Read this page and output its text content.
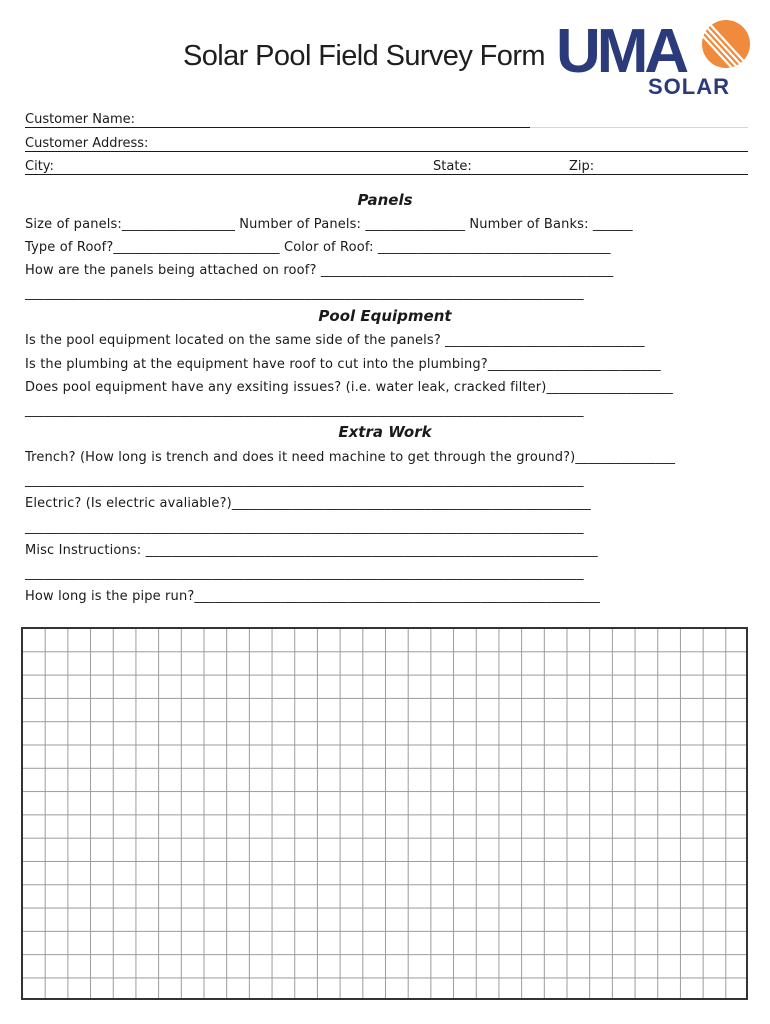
Solar Pool Field Survey Form UMA
SOLAR
Customer Name:
Customer Address:
City:	State:	Zip:
Panels
Size of panels:_________________ Number of Panels: _______________ Number of Banks: ______
Type of Roof?_________________________ Color of Roof: ___________________________________
How are the panels being attached on roof? ____________________________________________
____________________________________________________________________________________
Pool Equipment
Is the pool equipment located on the same side of the panels? ______________________________
Is the plumbing at the equipment have roof to cut into the plumbing?__________________________
Does pool equipment have any exsiting issues? (i.e. water leak, cracked filter)___________________
____________________________________________________________________________________
Extra Work
Trench? (How long is trench and does it need machine to get through the ground?)_______________
____________________________________________________________________________________
Electric? (Is electric avaliable?)______________________________________________________
____________________________________________________________________________________
Misc Instructions: ____________________________________________________________________
____________________________________________________________________________________
How long is the pipe run?_____________________________________________________________
